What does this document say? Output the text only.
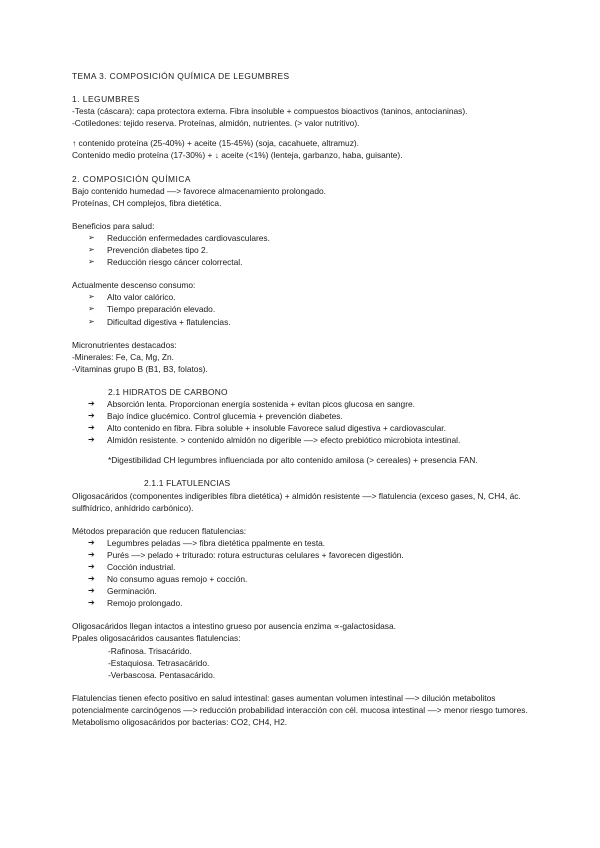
TEMA 3. COMPOSICIÓN QUÍMICA DE LEGUMBRES

1. LEGUMBRES

-Testa (cáscara): capa protectora externa. Fibra insoluble + compuestos bioactivos (taninos, antocianinas).

-Cotiledones: tejido reserva. Proteínas, almidón, nutrientes. (> valor nutritivo).

↑ contenido proteína (25-40%) + aceite (15-45%) (soja, cacahuete, altramuz).

Contenido medio proteína (17-30%) + ↓ aceite (<1%) (lenteja, garbanzo, haba, guisante).

2. COMPOSICIÓN QUÍMICA

Bajo contenido humedad ––> favorece almacenamiento prolongado.

Proteínas, CH complejos, fibra dietética.

Beneficios para salud:

➢	Reducción enfermedades cardiovasculares.
➢	Prevención diabetes tipo 2.
➢	Reducción riesgo cáncer colorrectal.

Actualmente descenso consumo:

➢	Alto valor calórico.
➢	Tiempo preparación elevado.
➢	Dificultad digestiva + flatulencias.

Micronutrientes destacados:

-Minerales: Fe, Ca, Mg, Zn.

-Vitaminas grupo B (B1, B3, folatos).

2.1 HIDRATOS DE CARBONO

➔	Absorción lenta. Proporcionan energía sostenida + evitan picos glucosa en sangre.
➔	Bajo índice glucémico. Control glucemia + prevención diabetes.
➔	Alto contenido en fibra. Fibra soluble + insoluble Favorece salud digestiva + cardiovascular.
➔	Almidón resistente. > contenido almidón no digerible ––> efecto prebiótico microbiota intestinal.

*Digestibilidad CH legumbres influenciada por alto contenido amilosa (> cereales) + presencia FAN.

2.1.1 FLATULENCIAS

Oligosacáridos (componentes indigeribles fibra dietética) + almidón resistente ––> flatulencia (exceso gases, N, CH4, ác. sulfhídrico, anhídrido carbónico).

Métodos preparación que reducen flatulencias:

➔	Legumbres peladas ––> fibra dietética ppalmente en testa.
➔	Purés ––> pelado + triturado: rotura estructuras celulares + favorecen digestión.
➔	Cocción industrial.
➔	No consumo aguas remojo + cocción.
➔	Germinación.
➔	Remojo prolongado.

Oligosacáridos llegan intactos a intestino grueso por ausencia enzima ∝-galactosidasa.

Ppales oligosacáridos causantes flatulencias:

-Rafinosa. Trisacárido.

-Estaquiosa. Tetrasacárido.

-Verbascosa. Pentasacárido.

Flatulencias tienen efecto positivo en salud intestinal: gases aumentan volumen intestinal ––> dilución metabolitos potencialmente carcinógenos ––> reducción probabilidad interacción con cél. mucosa intestinal ––> menor riesgo tumores.

Metabolismo oligosacáridos por bacterias: CO2, CH4, H2.
